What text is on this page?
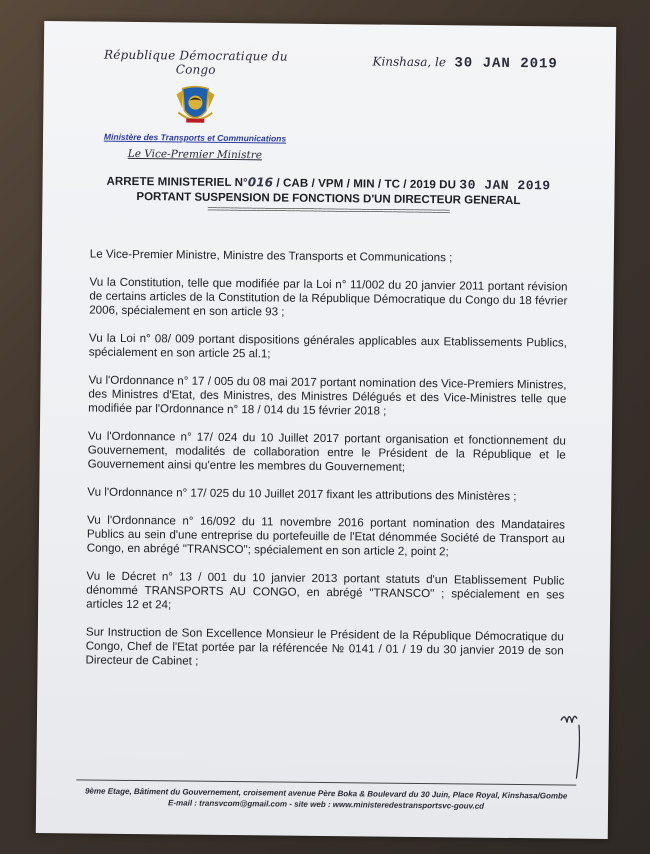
République Démocratique du Congo
Ministère des Transports et Communications
Le Vice-Premier Ministre
Kinshasa, le 30 JAN 2019
ARRETE MINISTERIEL N°016 / CAB / VPM / MIN / TC / 2019 DU 30 JAN 2019
PORTANT SUSPENSION DE FONCTIONS D'UN DIRECTEUR GENERAL
=======================================================

Le Vice-Premier Ministre, Ministre des Transports et Communications ;

Vu la Constitution, telle que modifiée par la Loi n° 11/002 du 20 janvier 2011 portant révision de certains articles de la Constitution de la République Démocratique du Congo du 18 février 2006, spécialement en son article 93 ;

Vu la Loi n° 08/ 009 portant dispositions générales applicables aux Etablissements Publics, spécialement en son article 25 al.1;

Vu l'Ordonnance n° 17 / 005 du 08 mai 2017 portant nomination des Vice-Premiers Ministres, des Ministres d'Etat, des Ministres, des Ministres Délégués et des Vice-Ministres telle que modifiée par l'Ordonnance n° 18 / 014 du 15 février 2018 ;

Vu l'Ordonnance n° 17/ 024 du 10 Juillet 2017 portant organisation et fonctionnement du Gouvernement, modalités de collaboration entre le Président de la République et le Gouvernement ainsi qu'entre les membres du Gouvernement;

Vu l'Ordonnance n° 17/ 025 du 10 Juillet 2017 fixant les attributions des Ministères ;

Vu l'Ordonnance n° 16/092 du 11 novembre 2016 portant nomination des Mandataires Publics au sein d'une entreprise du portefeuille de l'Etat dénommée Société de Transport au Congo, en abrégé "TRANSCO"; spécialement en son article 2, point 2;

Vu le Décret n° 13 / 001 du 10 janvier 2013 portant statuts d'un Etablissement Public dénommé TRANSPORTS AU CONGO, en abrégé "TRANSCO" ; spécialement en ses articles 12 et 24;

Sur Instruction de Son Excellence Monsieur le Président de la République Démocratique du Congo, Chef de l'Etat portée par la référencée № 0141 / 01 / 19 du 30 janvier 2019 de son Directeur de Cabinet ;

9ème Etage, Bâtiment du Gouvernement, croisement avenue Père Boka & Boulevard du 30 Juin, Place Royal, Kinshasa/Gombe
E-mail : transvcom@gmail.com - site web : www.ministeredestransportsvc-gouv.cd
